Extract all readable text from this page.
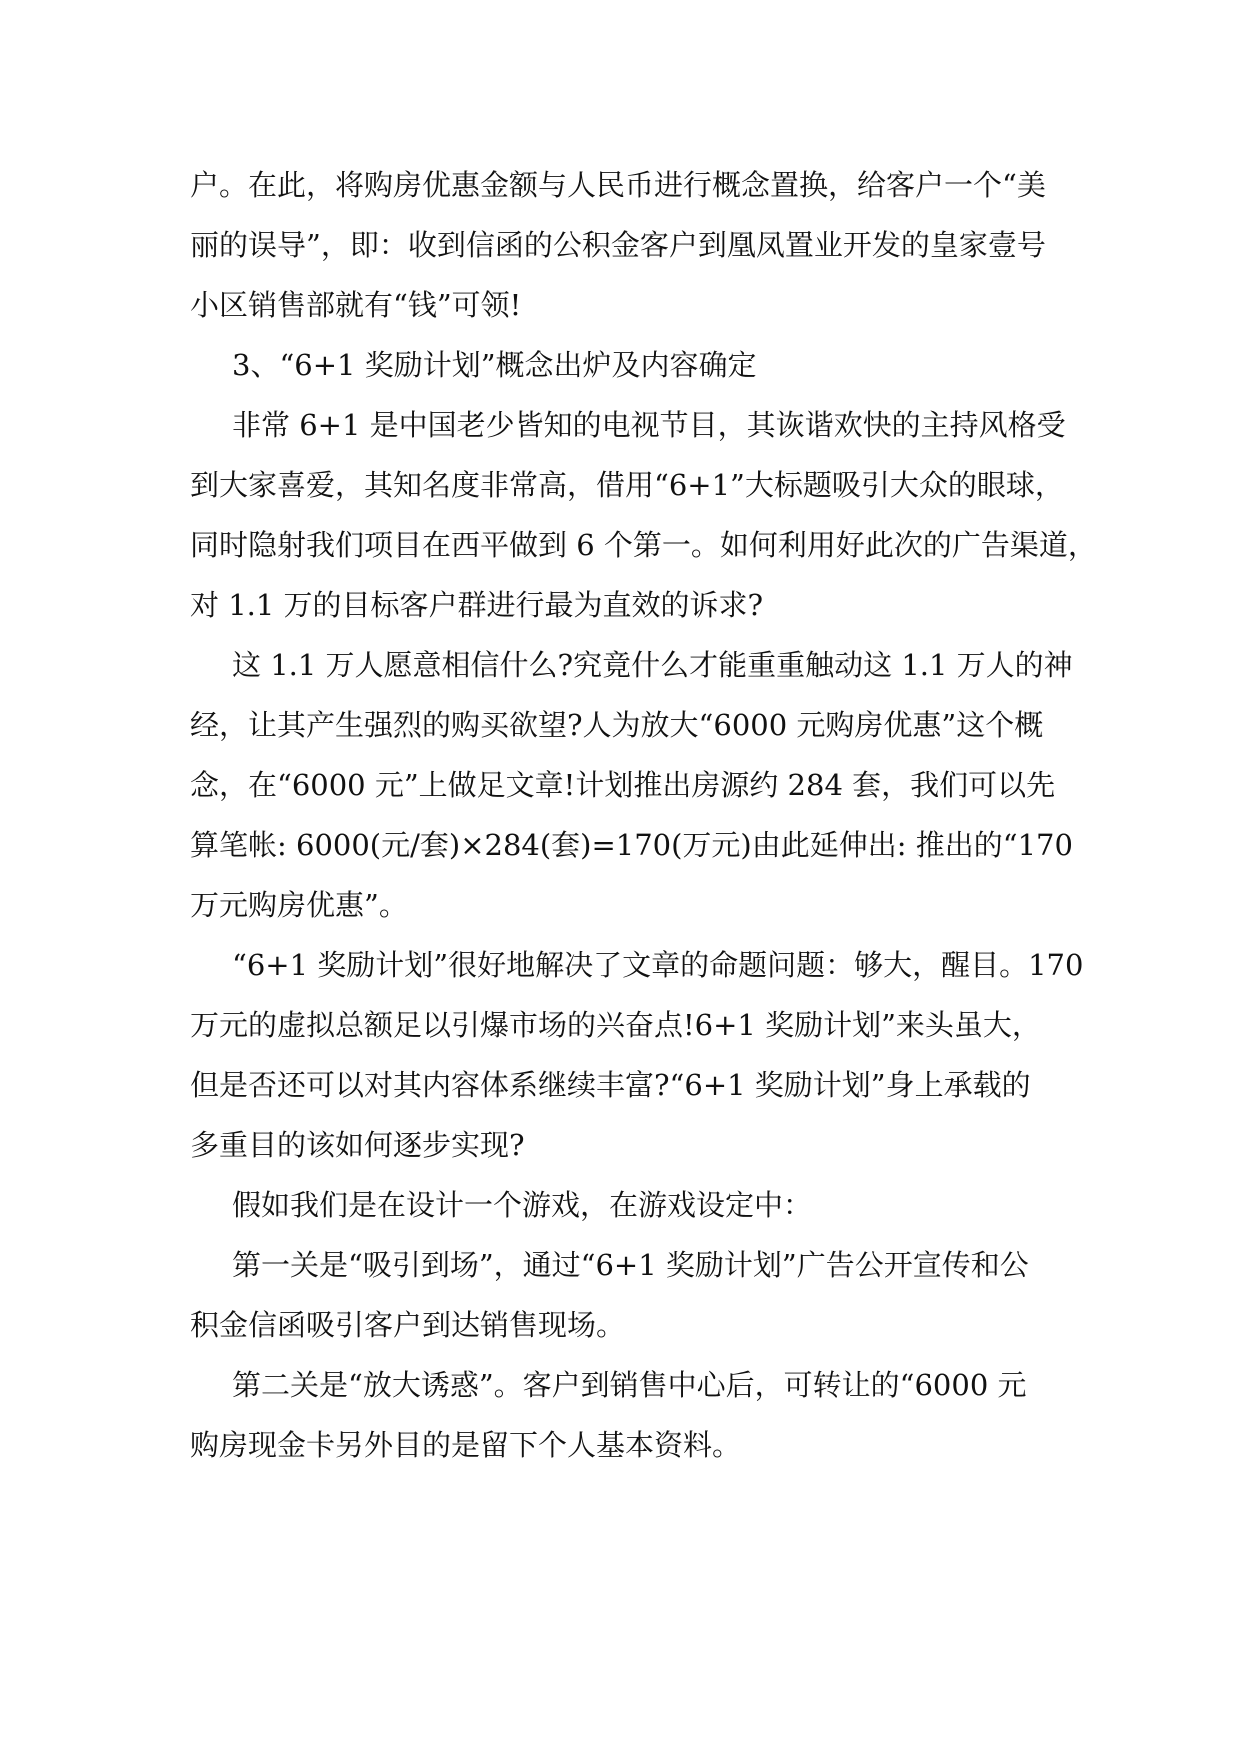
户。在此，将购房优惠金额与人民币进行概念置换，给客户一个“美
丽的误导”，即：收到信函的公积金客户到凰凤置业开发的皇家壹号
小区销售部就有“钱”可领!
3、“6+1 奖励计划”概念出炉及内容确定
非常 6+1 是中国老少皆知的电视节目，其诙谐欢快的主持风格受
到大家喜爱，其知名度非常高，借用“6+1”大标题吸引大众的眼球，
同时隐射我们项目在西平做到 6 个第一。如何利用好此次的广告渠道，
对 1.1 万的目标客户群进行最为直效的诉求?
这 1.1 万人愿意相信什么?究竟什么才能重重触动这 1.1 万人的神
经，让其产生强烈的购买欲望?人为放大“6000 元购房优惠”这个概
念，在“6000 元”上做足文章!计划推出房源约 284 套，我们可以先
算笔帐: 6000(元/套)×284(套)=170(万元)由此延伸出: 推出的“170
万元购房优惠”。
“6+1 奖励计划”很好地解决了文章的命题问题：够大，醒目。170
万元的虚拟总额足以引爆市场的兴奋点!6+1 奖励计划”来头虽大，
但是否还可以对其内容体系继续丰富?“6+1 奖励计划”身上承载的
多重目的该如何逐步实现?
假如我们是在设计一个游戏，在游戏设定中：
第一关是“吸引到场”，通过“6+1 奖励计划”广告公开宣传和公
积金信函吸引客户到达销售现场。
第二关是“放大诱惑”。客户到销售中心后，可转让的“6000 元
购房现金卡另外目的是留下个人基本资料。
